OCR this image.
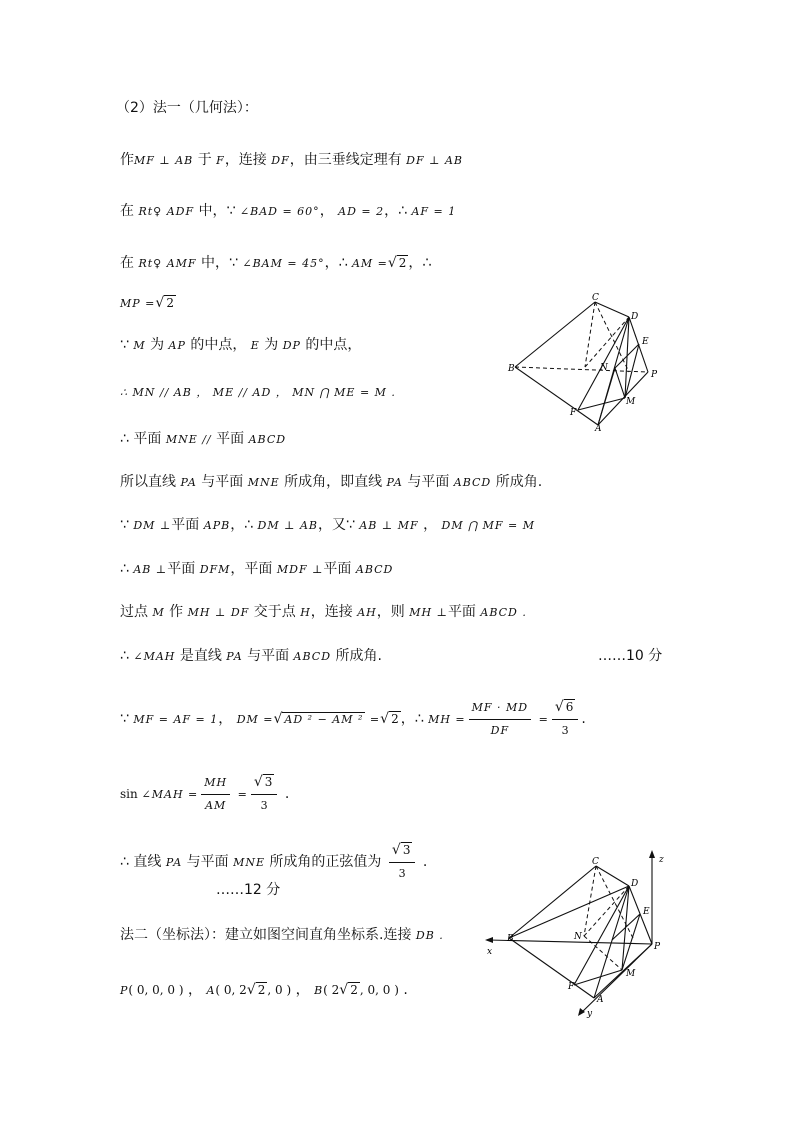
（2）法一（几何法）：
作MF ⊥ AB 于 F，连接 DF，由三垂线定理有 DF ⊥ AB
在 Rt♀ ADF 中，∵ ∠BAD = 60°， AD = 2，∴ AF = 1
在 Rt♀ AMF 中，∵ ∠BAM = 45°，∴ AM =√ 2 ，∴
MP =√ 2
∵ M 为 AP 的中点， E 为 DP 的中点，
∴ MN // AB ， ME // AD ， MN ⋂ ME = M .
∴ 平面 MNE // 平面 ABCD
所以直线 PA 与平面 MNE 所成角，即直线 PA 与平面 ABCD 所成角.
∵ DM ⊥平面 APB，∴ DM ⊥ AB，又∵ AB ⊥ MF ， DM ⋂ MF = M
∴ AB ⊥平面 DFM，平面 MDF ⊥平面 ABCD
过点 M 作 MH ⊥ DF 交于点 H，连接 AH，则 MH ⊥平面 ABCD .
∴ ∠MAH 是直线 PA 与平面 ABCD 所成角.	……10 分
∵ MF = AF = 1， DM =√ AD ² − AM ² =√ 2 ，∴ MH = $\frac{MF \cdot MD}{DF} = \frac{√ 6}{3}$ .
sin ∠MAH = $\frac{MH}{AM} = \frac{√ 3}{3}$ .
∴ 直线 PA 与平面 MNE 所成角的正弦值为 $\frac{√ 3}{3}$ .
……12 分
法二（坐标法）：建立如图空间直角坐标系.连接 DB .
P( 0, 0, 0 ) ， A( 0, 2√ 2 , 0 ) ， B( 2√ 2 , 0, 0 ) .
C
D
E
N
B
P
F
M
A
z
x
y
C
D
E
N
B
P
F
M
A
